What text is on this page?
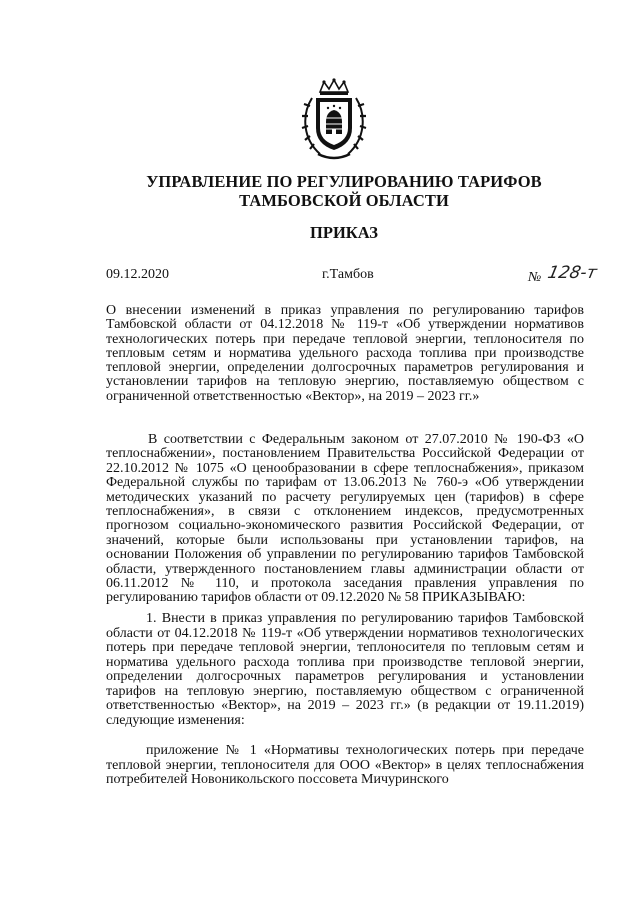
УПРАВЛЕНИЕ ПО РЕГУЛИРОВАНИЮ ТАРИФОВ
ТАМБОВСКОЙ ОБЛАСТИ
ПРИКАЗ
09.12.2020	г.Тамбов	№ 128-т
О внесении изменений в приказ управления по регулированию тарифов Тамбовской области от 04.12.2018 № 119-т «Об утверждении нормативов технологических потерь при передаче тепловой энергии, теплоносителя по тепловым сетям и норматива удельного расхода топлива при производстве тепловой энергии, определении долгосрочных параметров регулирования и установлении тарифов на тепловую энергию, поставляемую обществом с ограниченной ответственностью «Вектор», на 2019 – 2023 гг.»
В соответствии с Федеральным законом от 27.07.2010 № 190-ФЗ «О теплоснабжении», постановлением Правительства Российской Федерации от 22.10.2012 № 1075 «О ценообразовании в сфере теплоснабжения», приказом Федеральной службы по тарифам от 13.06.2013 № 760-э «Об утверждении методических указаний по расчету регулируемых цен (тарифов) в сфере теплоснабжения», в связи с отклонением индексов, предусмотренных прогнозом социально-экономического развития Российской Федерации, от значений, которые были использованы при установлении тарифов, на основании Положения об управлении по регулированию тарифов Тамбовской области, утвержденного постановлением главы администрации области от 06.11.2012 № 110, и протокола заседания правления управления по регулированию тарифов области от 09.12.2020 № 58 ПРИКАЗЫВАЮ:
1. Внести в приказ управления по регулированию тарифов Тамбовской области от 04.12.2018 № 119-т «Об утверждении нормативов технологических потерь при передаче тепловой энергии, теплоносителя по тепловым сетям и норматива удельного расхода топлива при производстве тепловой энергии, определении долгосрочных параметров регулирования и установлении тарифов на тепловую энергию, поставляемую обществом с ограниченной ответственностью «Вектор», на 2019 – 2023 гг.» (в редакции от 19.11.2019) следующие изменения:
приложение № 1 «Нормативы технологических потерь при передаче тепловой энергии, теплоносителя для ООО «Вектор» в целях теплоснабжения потребителей Новоникольского поссовета Мичуринского
